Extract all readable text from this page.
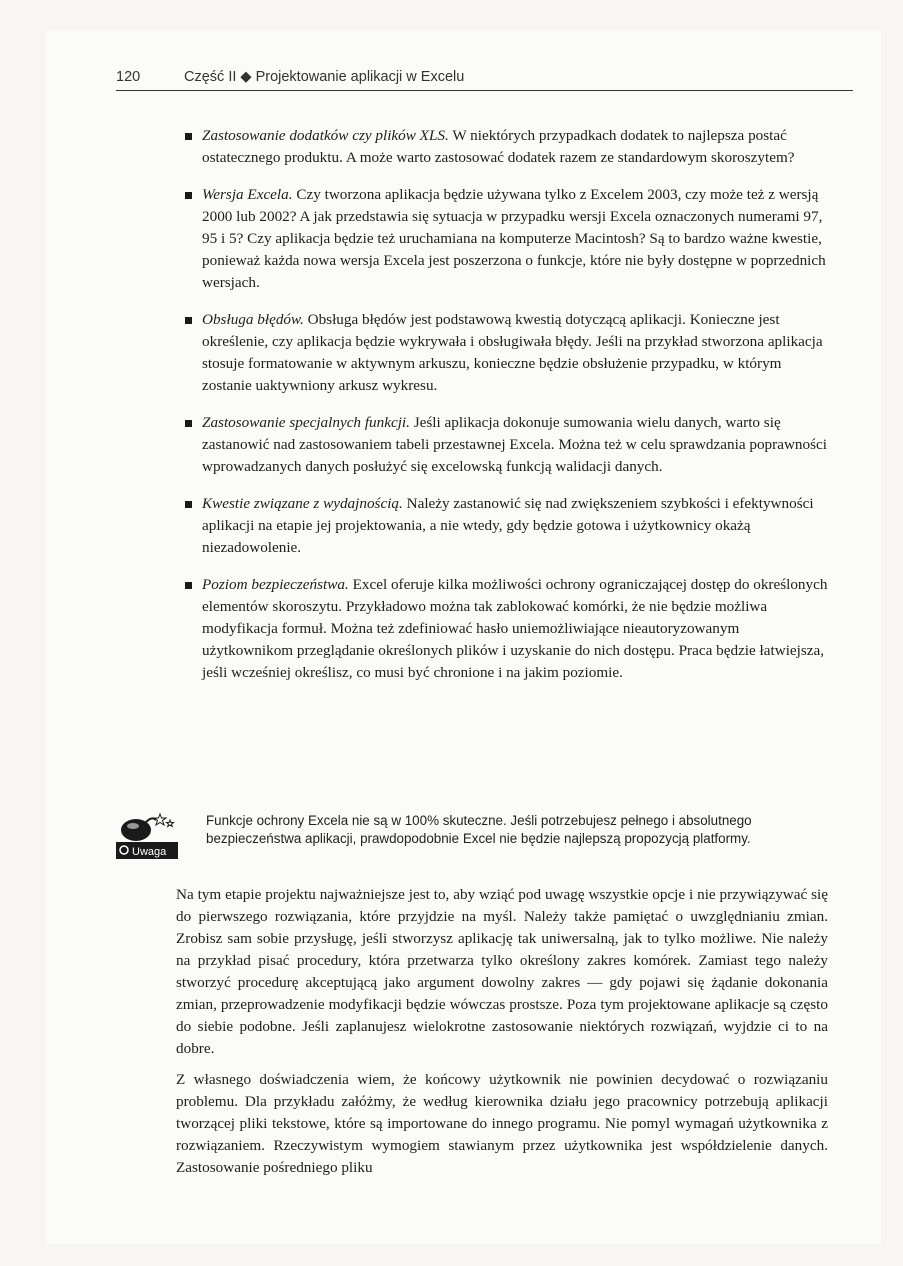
120	Część II ◆ Projektowanie aplikacji w Excelu
Zastosowanie dodatków czy plików XLS. W niektórych przypadkach dodatek to najlepsza postać ostatecznego produktu. A może warto zastosować dodatek razem ze standardowym skoroszytem?
Wersja Excela. Czy tworzona aplikacja będzie używana tylko z Excelem 2003, czy może też z wersją 2000 lub 2002? A jak przedstawia się sytuacja w przypadku wersji Excela oznaczonych numerami 97, 95 i 5? Czy aplikacja będzie też uruchamiana na komputerze Macintosh? Są to bardzo ważne kwestie, ponieważ każda nowa wersja Excela jest poszerzona o funkcje, które nie były dostępne w poprzednich wersjach.
Obsługa błędów. Obsługa błędów jest podstawową kwestią dotyczącą aplikacji. Konieczne jest określenie, czy aplikacja będzie wykrywała i obsługiwała błędy. Jeśli na przykład stworzona aplikacja stosuje formatowanie w aktywnym arkuszu, konieczne będzie obsłużenie przypadku, w którym zostanie uaktywniony arkusz wykresu.
Zastosowanie specjalnych funkcji. Jeśli aplikacja dokonuje sumowania wielu danych, warto się zastanowić nad zastosowaniem tabeli przestawnej Excela. Można też w celu sprawdzania poprawności wprowadzanych danych posłużyć się excelowską funkcją walidacji danych.
Kwestie związane z wydajnością. Należy zastanowić się nad zwiększeniem szybkości i efektywności aplikacji na etapie jej projektowania, a nie wtedy, gdy będzie gotowa i użytkownicy okażą niezadowolenie.
Poziom bezpieczeństwa. Excel oferuje kilka możliwości ochrony ograniczającej dostęp do określonych elementów skoroszytu. Przykładowo można tak zablokować komórki, że nie będzie możliwa modyfikacja formuł. Można też zdefiniować hasło uniemożliwiające nieautoryzowanym użytkownikom przeglądanie określonych plików i uzyskanie do nich dostępu. Praca będzie łatwiejsza, jeśli wcześniej określisz, co musi być chronione i na jakim poziomie.
Uwaga
Funkcje ochrony Excela nie są w 100% skuteczne. Jeśli potrzebujesz pełnego i absolutnego bezpieczeństwa aplikacji, prawdopodobnie Excel nie będzie najlepszą propozycją platformy.

Na tym etapie projektu najważniejsze jest to, aby wziąć pod uwagę wszystkie opcje i nie przywiązywać się do pierwszego rozwiązania, które przyjdzie na myśl. Należy także pamiętać o uwzględnianiu zmian. Zrobisz sam sobie przysługę, jeśli stworzysz aplikację tak uniwersalną, jak to tylko możliwe. Nie należy na przykład pisać procedury, która przetwarza tylko określony zakres komórek. Zamiast tego należy stworzyć procedurę akceptującą jako argument dowolny zakres — gdy pojawi się żądanie dokonania zmian, przeprowadzenie modyfikacji będzie wówczas prostsze. Poza tym projektowane aplikacje są często do siebie podobne. Jeśli zaplanujesz wielokrotne zastosowanie niektórych rozwiązań, wyjdzie ci to na dobre.

Z własnego doświadczenia wiem, że końcowy użytkownik nie powinien decydować o rozwiązaniu problemu. Dla przykładu załóżmy, że według kierownika działu jego pracownicy potrzebują aplikacji tworzącej pliki tekstowe, które są importowane do innego programu. Nie pomyl wymagań użytkownika z rozwiązaniem. Rzeczywistym wymogiem stawianym przez użytkownika jest współdzielenie danych. Zastosowanie pośredniego pliku
